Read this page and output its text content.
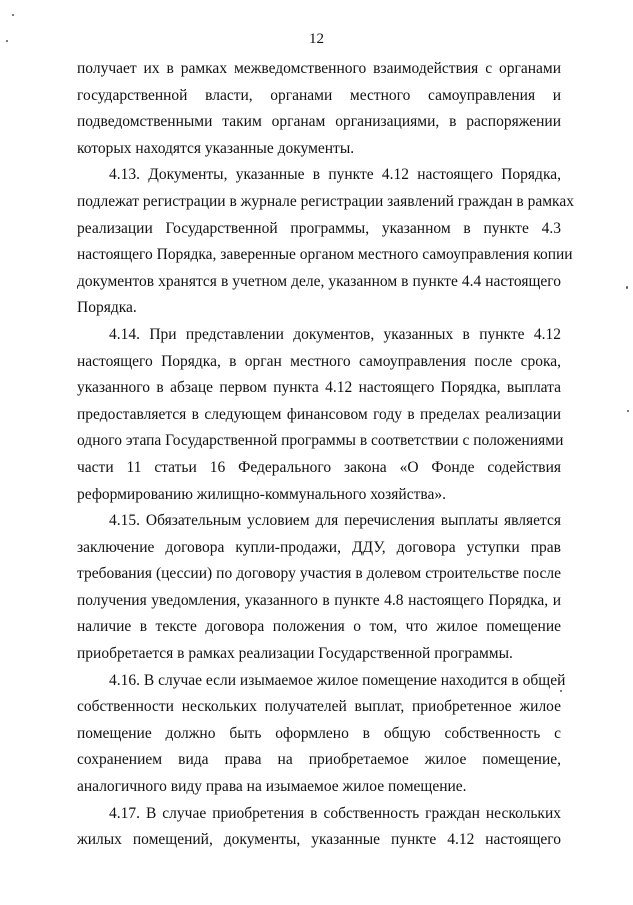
12
получает их в рамках межведомственного взаимодействия с органами
государственной власти, органами местного самоуправления и
подведомственными таким органам организациями, в распоряжении
которых находятся указанные документы.
4.13. Документы, указанные в пункте 4.12 настоящего Порядка,
подлежат регистрации в журнале регистрации заявлений граждан в рамках
реализации Государственной программы, указанном в пункте 4.3
настоящего Порядка, заверенные органом местного самоуправления копии
документов хранятся в учетном деле, указанном в пункте 4.4 настоящего
Порядка.
4.14. При представлении документов, указанных в пункте 4.12
настоящего Порядка, в орган местного самоуправления после срока,
указанного в абзаце первом пункта 4.12 настоящего Порядка, выплата
предоставляется в следующем финансовом году в пределах реализации
одного этапа Государственной программы в соответствии с положениями
части 11 статьи 16 Федерального закона «О Фонде содействия
реформированию жилищно-коммунального хозяйства».
4.15. Обязательным условием для перечисления выплаты является
заключение договора купли-продажи, ДДУ, договора уступки прав
требования (цессии) по договору участия в долевом строительстве после
получения уведомления, указанного в пункте 4.8 настоящего Порядка, и
наличие в тексте договора положения о том, что жилое помещение
приобретается в рамках реализации Государственной программы.
4.16. В случае если изымаемое жилое помещение находится в общей
собственности нескольких получателей выплат, приобретенное жилое
помещение должно быть оформлено в общую собственность с
сохранением вида права на приобретаемое жилое помещение,
аналогичного виду права на изымаемое жилое помещение.
4.17. В случае приобретения в собственность граждан нескольких
жилых помещений, документы, указанные пункте 4.12 настоящего
